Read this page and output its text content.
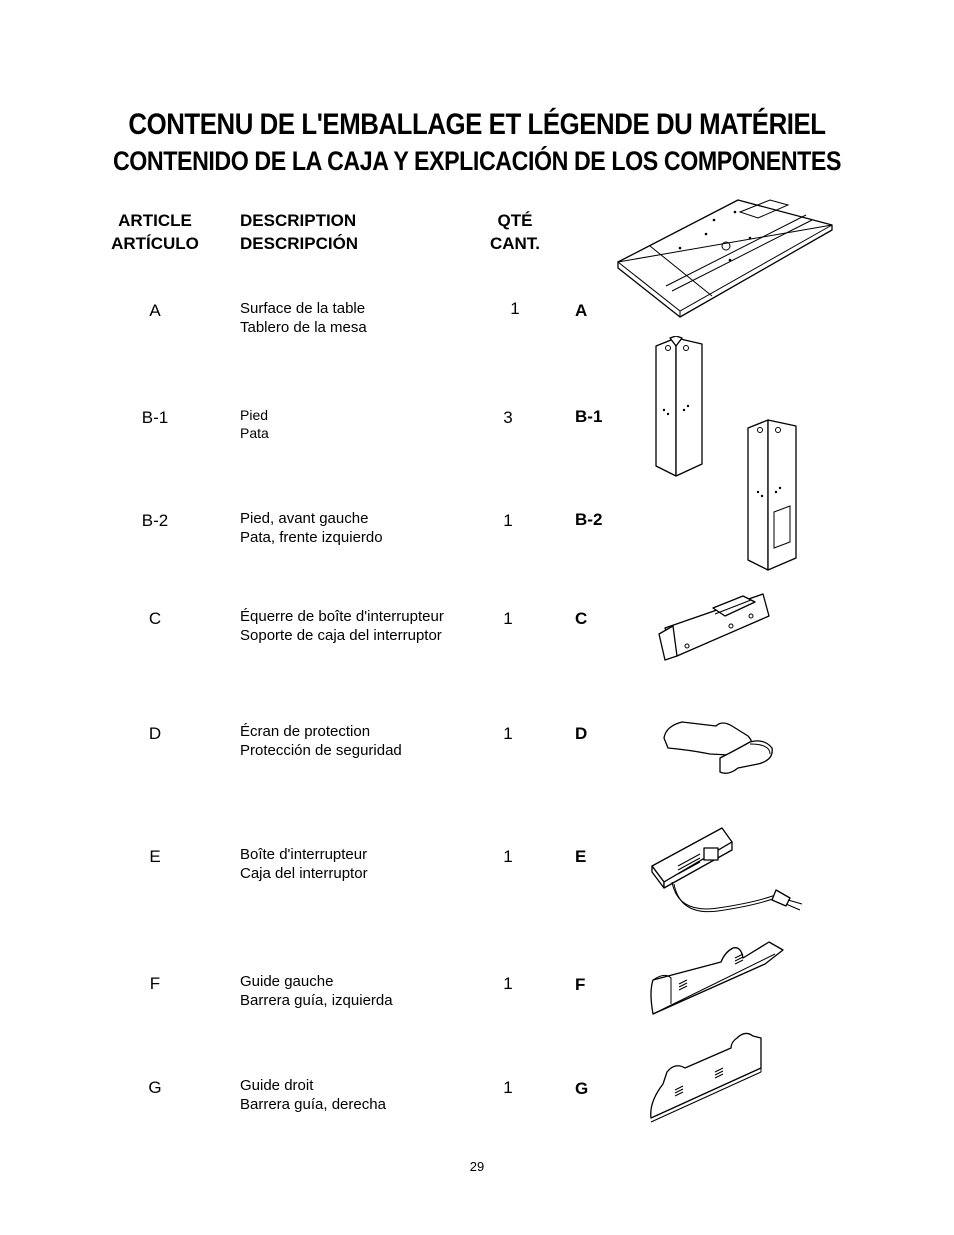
CONTENU DE L'EMBALLAGE ET LÉGENDE DU MATÉRIEL
CONTENIDO DE LA CAJA Y EXPLICACIÓN DE LOS COMPONENTES
ARTICLE
ARTÍCULO
DESCRIPTION
DESCRIPCIÓN
QTÉ
CANT.
A	Surface de la table
Tablero de la mesa
1	A
B-1	Pied
Pata
3	B-1
B-2	Pied, avant gauche
Pata, frente izquierdo
1	B-2
C	Équerre de boîte d'interrupteur
Soporte de caja del interruptor
1	C
D	Écran de protection
Protección de seguridad
1	D
E	Boîte d'interrupteur
Caja del interruptor
1	E
F	Guide gauche
Barrera guía, izquierda
1	F
G	Guide droit
Barrera guía, derecha
1	G
29
